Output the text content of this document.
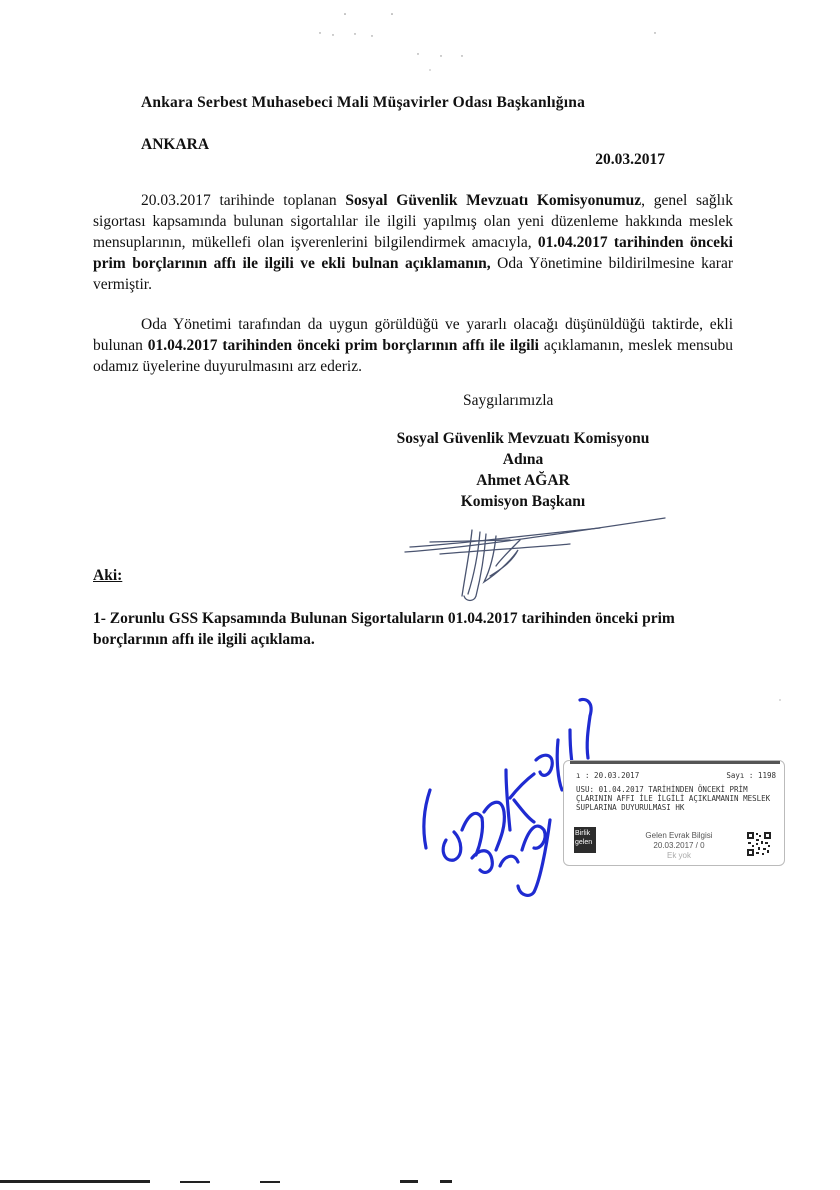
Ankara Serbest Muhasebeci Mali Müşavirler Odası Başkanlığına
ANKARA
20.03.2017
20.03.2017 tarihinde toplanan Sosyal Güvenlik Mevzuatı Komisyonumuz, genel sağlık sigortası kapsamında bulunan sigortalılar ile ilgili yapılmış olan yeni düzenleme hakkında meslek mensuplarının, mükellefi olan işverenlerini bilgilendirmek amacıyla, 01.04.2017 tarihinden önceki prim borçlarının affı ile ilgili ve ekli bulnan açıklamanın, Oda Yönetimine bildirilmesine karar vermiştir.
Oda Yönetimi tarafından da uygun görüldüğü ve yararlı olacağı düşünüldüğü taktirde, ekli bulunan 01.04.2017 tarihinden önceki prim borçlarının affı ile ilgili açıklamanın, meslek mensubu odamız üyelerine duyurulmasını arz ederiz.
Saygılarımızla
Sosyal Güvenlik Mevzuatı Komisyonu
Adına
Ahmet AĞAR
Komisyon Başkanı
Aki:
1- Zorunlu GSS Kapsamında Bulunan Sigortaluların 01.04.2017 tarihinden önceki prim borçlarının affı ile ilgili açıklama.
ı : 20.03.2017	Sayı : 1198
USU: 01.04.2017 TARİHİNDEN ÖNCEKİ PRİM
ÇLARININ AFFI İLE İLGİLİ AÇIKLAMANIN MESLEK
SUPLARINA DUYURULMASI HK
Birlik
gelen
Gelen Evrak Bilgisi
20.03.2017 / 0
Ek yok
